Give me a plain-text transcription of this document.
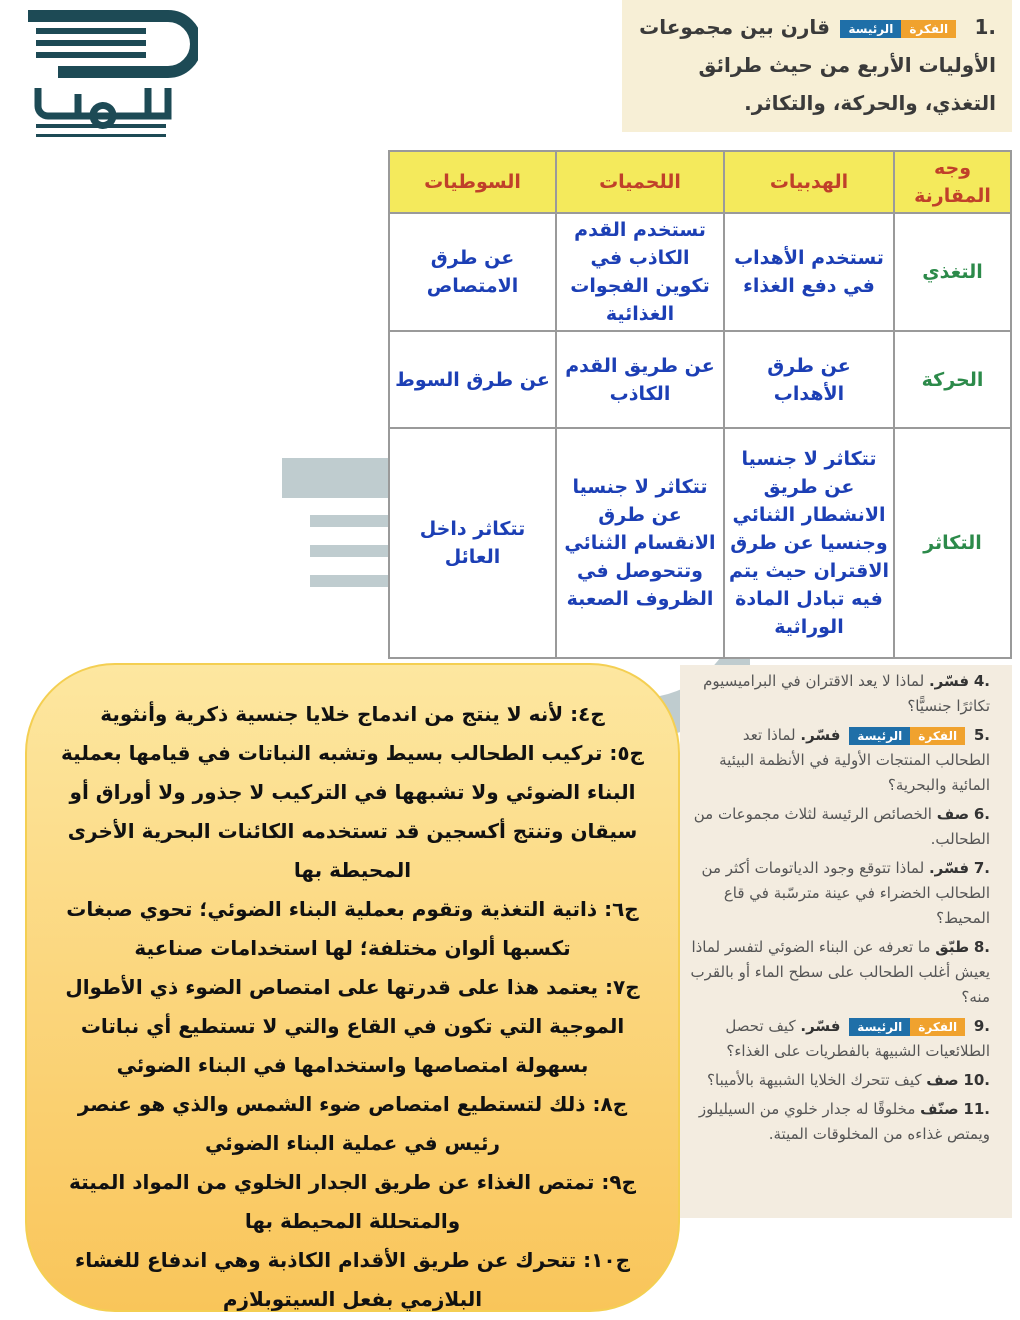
.1
الفكرة
الرئيسة
قارن بين مجموعات الأوليات الأربع من حيث طرائق التغذي، والحركة، والتكاثر.
وجه المقارنة	الهدبيات	اللحميات	السوطيات
التغذي	تستخدم الأهداب في دفع الغذاء	تستخدم القدم الكاذب في تكوين الفجوات الغذائية	عن طرق الامتصاص
الحركة	عن طرق الأهداب	عن طريق القدم الكاذب	عن طرق السوط
التكاثر	تتكاثر لا جنسيا عن طريق الانشطار الثنائي وجنسيا عن طرق الاقتران حيث يتم فيه تبادل المادة الوراثية	تتكاثر لا جنسيا عن طرق الانقسام الثنائي وتتحوصل في الظروف الصعبة	تتكاثر داخل العائل
ج٤: لأنه لا ينتج من اندماج خلايا جنسية ذكرية وأنثوية
ج٥: تركيب الطحالب بسيط وتشبه النباتات في قيامها بعملية البناء الضوئي ولا تشبهها في التركيب لا جذور ولا أوراق أو سيقان وتنتج أكسجين قد تستخدمه الكائنات البحرية الأخرى المحيطة بها
ج٦: ذاتية التغذية وتقوم بعملية البناء الضوئي؛ تحوي صبغات تكسبها ألوان مختلفة؛ لها استخدامات صناعية
ج٧: يعتمد هذا على قدرتها على امتصاص الضوء ذي الأطوال الموجية التي تكون في القاع والتي لا تستطيع أي نباتات بسهولة امتصاصها واستخدامها في البناء الضوئي
ج٨: ذلك لتستطيع امتصاص ضوء الشمس والذي هو عنصر رئيس في عملية البناء الضوئي
ج٩: تمتص الغذاء عن طريق الجدار الخلوي من المواد الميتة والمتحللة المحيطة بها
ج١٠: تتحرك عن طريق الأقدام الكاذبة وهي اندفاع للغشاء البلازمي بفعل السيتوبلازم

.4 فسّر. لماذا لا يعد الاقتران في البراميسيوم تكاثرًا جنسيًّا؟

.5
الفكرة
الرئيسة
فسّر. لماذا تعد الطحالب المنتجات الأولية في الأنظمة البيئية المائية والبحرية؟

.6 صف الخصائص الرئيسة لثلاث مجموعات من الطحالب.

.7 فسّر. لماذا تتوقع وجود الدياتومات أكثر من الطحالب الخضراء في عينة مترسّبة في قاع المحيط؟

.8 طبّق ما تعرفه عن البناء الضوئي لتفسر لماذا يعيش أغلب الطحالب على سطح الماء أو بالقرب منه؟

.9
الفكرة
الرئيسة
فسّر. كيف تحصل الطلائعيات الشبيهة بالفطريات على الغذاء؟

.10 صف كيف تتحرك الخلايا الشبيهة بالأميبا؟

.11 صنّف مخلوقًا له جدار خلوي من السيليلوز ويمتص غذاءه من المخلوقات الميتة.
